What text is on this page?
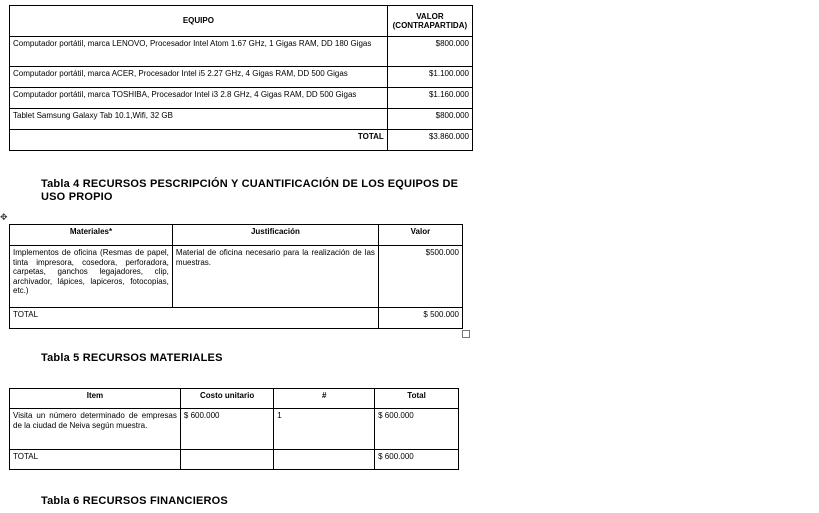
EQUIPO	VALOR
(CONTRAPARTIDA)
Computador portátil, marca LENOVO, Procesador Intel Atom 1.67 GHz, 1 Gigas RAM, DD 180 Gigas	$800.000
Computador portátil, marca ACER, Procesador Intel i5 2.27 GHz, 4 Gigas RAM, DD 500 Gigas	$1.100.000
Computador portátil, marca TOSHIBA, Procesador Intel i3 2.8 GHz, 4 Gigas RAM, DD 500 Gigas	$1.160.000
Tablet Samsung Galaxy Tab 10.1,Wifi, 32 GB	$800.000
TOTAL	$3.860.000
Tabla 4 RECURSOS PESCRIPCIÓN Y CUANTIFICACIÓN DE LOS EQUIPOS DE USO PROPIO
✥
Materiales*	Justificación	Valor
Implementos de oficina (Resmas de papel, tinta impresora, cosedora, perforadora, carpetas, ganchos legajadores, clip, archivador, lápices, lapiceros, fotocopias, etc.)	Material de oficina necesario para la realización de las muestras.	$500.000
TOTAL		$ 500.000
Tabla 5 RECURSOS MATERIALES
Item	Costo unitario	#	Total
Visita un número determinado de empresas de la ciudad de Neiva según muestra.	$ 600.000	1	$ 600.000
TOTAL			$ 600.000
Tabla 6 RECURSOS FINANCIEROS
